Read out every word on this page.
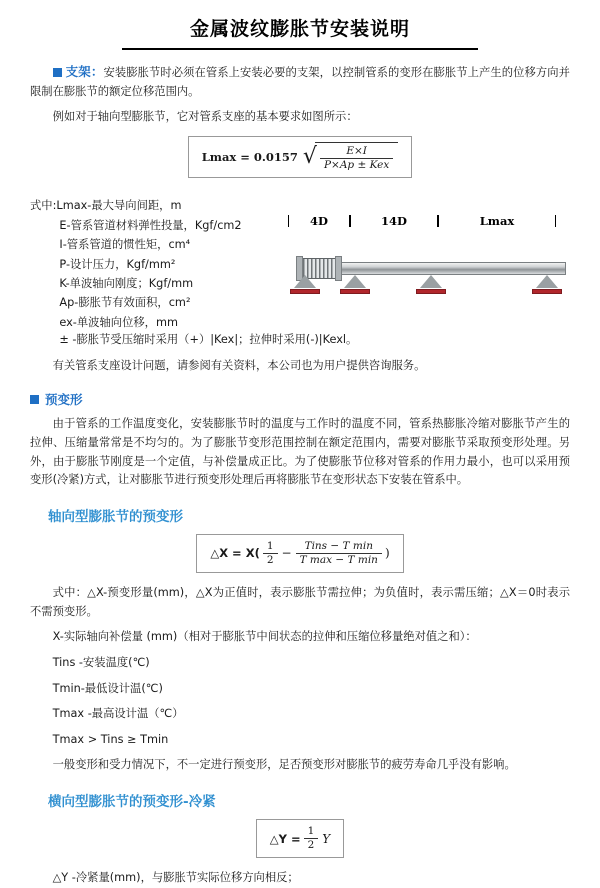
金属波纹膨胀节安装说明

支架：安装膨胀节时必须在管系上安装必要的支架，以控制管系的变形在膨胀节上产生的位移方向并限制在膨胀节的额定位移范围内。

例如对于轴向型膨胀节，它对管系支座的基本要求如图所示：

Lmax = 0.0157 √ $\frac{E\times I}{\text{P×Ap ± Kex}}$
式中:Lmax-最大导向间距，m
E-管系管道材料弹性投量，Kgf/cm2
I-管系管道的惯性矩，cm⁴
P-设计压力，Kgf/mm²
K-单波轴向刚度；Kgf/mm
Ap-膨胀节有效面积，cm²
ex-单波轴向位移，mm
4D	14D	Lmax
± -膨胀节受压缩时采用（+）|Kex|；拉伸时采用(-)|Kexl。

有关管系支座设计问题，请参阅有关资料，本公司也为用户提供咨询服务。

预变形

由于管系的工作温度变化，安装膨胀节时的温度与工作时的温度不同，管系热膨胀冷缩对膨胀节产生的拉伸、压缩量常常是不均匀的。为了膨胀节变形范围控制在额定范围内，需要对膨胀节采取预变形处理。另外，由于膨胀节刚度是一个定值，与补偿量成正比。为了使膨胀节位移对管系的作用力最小，也可以采用预变形(冷紧)方式，让对膨胀节进行预变形处理后再将膨胀节在变形状态下安装在管系中。

轴向型膨胀节的预变形
△X = $X( \frac{1}{2} - \frac{\text{Tins − T min}}{\text{T max − T min}}$ )

式中：△X-预变形量(mm)，△X为正值时，表示膨胀节需拉伸；为负值时，表示需压缩；△X＝0时表示不需预变形。

X-实际轴向补偿量 (mm)（相对于膨胀节中间状态的拉伸和压缩位移量绝对值之和）：

Tins -安装温度(℃)

Tmin-最低设计温(℃)

Tmax -最高设计温（℃）

Tmax > Tins ≥ Tmin

一般变形和受力情况下，不一定进行预变形，足否预变形对膨胀节的疲劳寿命几乎没有影响。

横向型膨胀节的预变形-冷紧
△Y = $\frac{1}{2}$ Y

△Y -冷紧量(mm)，与膨胀节实际位移方向相反；
